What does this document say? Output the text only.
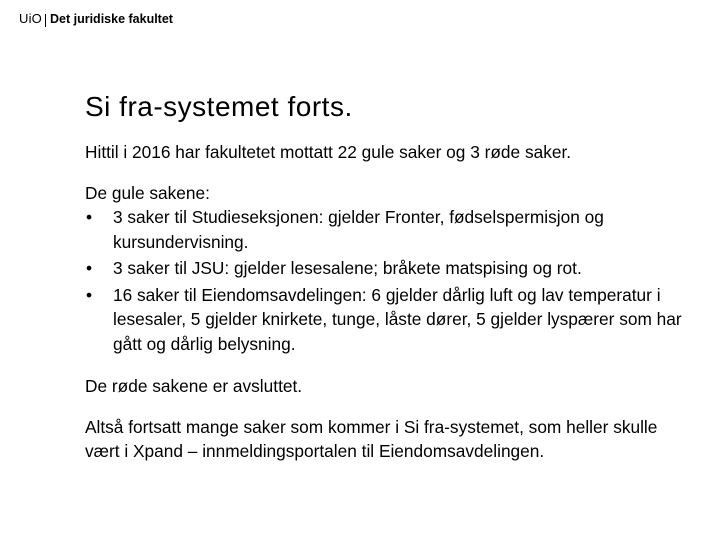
UiO Det juridiske fakultet
Si fra-systemet forts.

Hittil i 2016 har fakultetet mottatt 22 gule saker og 3 røde saker.

De gule sakene:

•	3 saker til Studieseksjonen: gjelder Fronter, fødselspermisjon og kursundervisning.
•	3 saker til JSU: gjelder lesesalene; bråkete matspising og rot.
•	16 saker til Eiendomsavdelingen: 6 gjelder dårlig luft og lav temperatur i lesesaler, 5 gjelder knirkete, tunge, låste dører, 5 gjelder lyspærer som har gått og dårlig belysning.

De røde sakene er avsluttet.

Altså fortsatt mange saker som kommer i Si fra-systemet, som heller skulle vært i Xpand – innmeldingsportalen til Eiendomsavdelingen.
